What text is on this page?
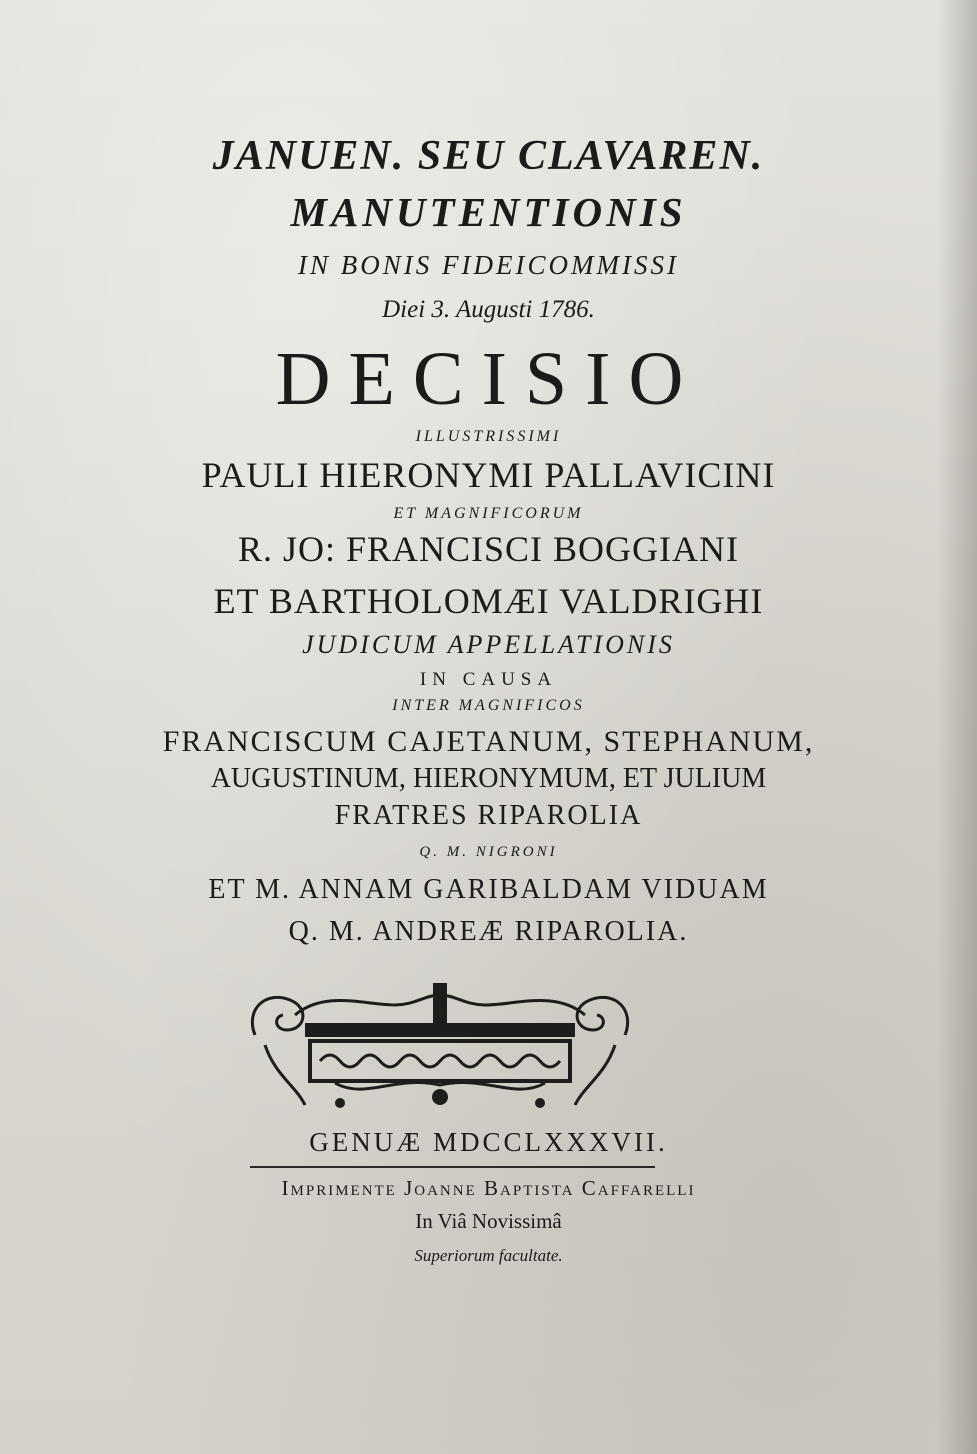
JANUEN. SEU CLAVAREN.
MANUTENTIONIS
IN BONIS FIDEICOMMISSI
Diei 3. Augusti 1786.
DECISIO
ILLUSTRISSIMI
PAULI HIERONYMI PALLAVICINI
ET MAGNIFICORUM
R. JO: FRANCISCI BOGGIANI
ET BARTHOLOMÆI VALDRIGHI
JUDICUM APPELLATIONIS
IN CAUSA
INTER MAGNIFICOS
FRANCISCUM CAJETANUM, STEPHANUM,
AUGUSTINUM, HIERONYMUM, ET JULIUM
FRATRES RIPAROLIA
Q. M. NIGRONI
ET M. ANNAM GARIBALDAM VIDUAM
Q. M. ANDREÆ RIPAROLIA.
GENUÆ MDCCLXXXVII.
Imprimente Joanne Baptista Caffarelli
In Viâ Novissimâ
Superiorum facultate.
